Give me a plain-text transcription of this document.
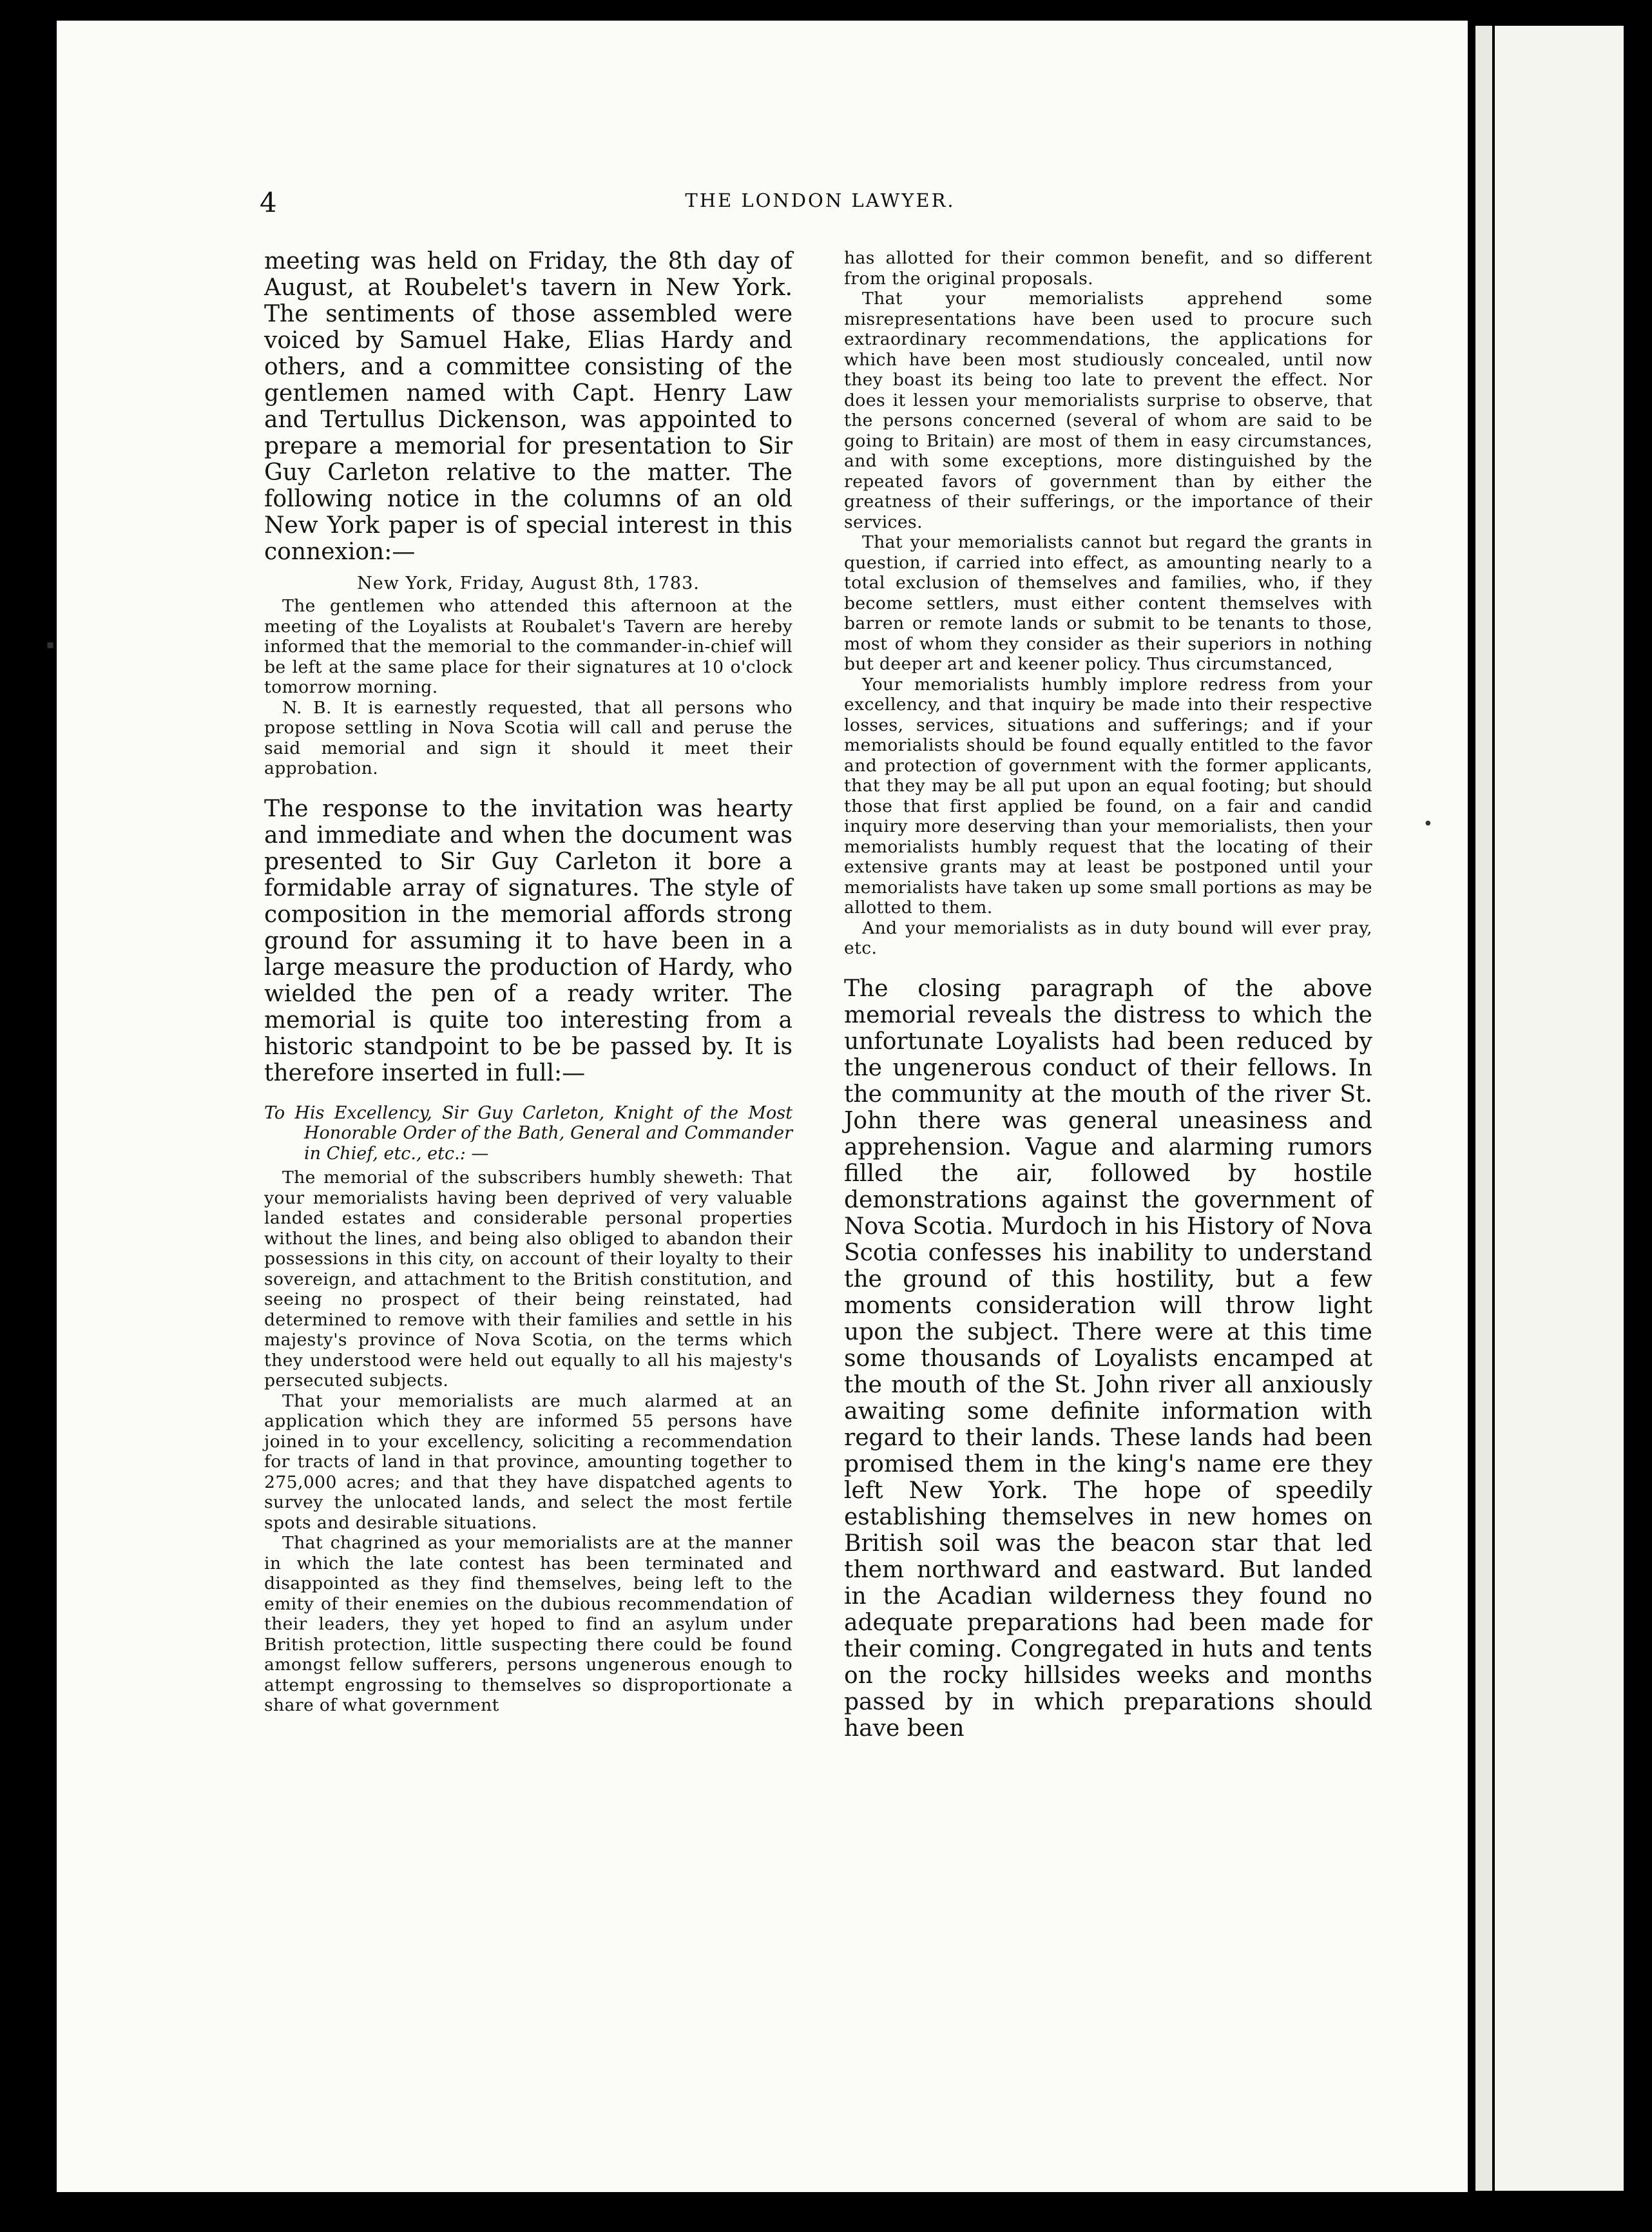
▪
●
4	THE LONDON LAWYER.

meeting was held on Friday, the 8th day of August, at Roubelet's tavern in New York. The sentiments of those assembled were voiced by Samuel Hake, Elias Hardy and others, and a committee consisting of the gentlemen named with Capt. Henry Law and Tertullus Dickenson, was appointed to prepare a memorial for presentation to Sir Guy Carleton relative to the matter. The following notice in the columns of an old New York paper is of special interest in this connexion:—

New York, Friday, August 8th, 1783.

The gentlemen who attended this afternoon at the meeting of the Loyalists at Roubalet's Tavern are hereby informed that the memorial to the commander-in-chief will be left at the same place for their signatures at 10 o'clock tomorrow morning.

N. B. It is earnestly requested, that all persons who propose settling in Nova Scotia will call and peruse the said memorial and sign it should it meet their approbation.

The response to the invitation was hearty and immediate and when the document was presented to Sir Guy Carleton it bore a formidable array of signatures. The style of composition in the memorial affords strong ground for assuming it to have been in a large measure the production of Hardy, who wielded the pen of a ready writer. The memorial is quite too interesting from a historic standpoint to be be passed by. It is therefore inserted in full:—

To His Excellency, Sir Guy Carleton, Knight of the Most Honorable Order of the Bath, General and Commander in Chief, etc., etc.: —

The memorial of the subscribers humbly sheweth: That your memorialists having been deprived of very valuable landed estates and considerable personal properties without the lines, and being also obliged to abandon their possessions in this city, on account of their loyalty to their sovereign, and attachment to the British constitution, and seeing no prospect of their being reinstated, had determined to remove with their families and settle in his majesty's province of Nova Scotia, on the terms which they understood were held out equally to all his majesty's persecuted subjects.

That your memorialists are much alarmed at an application which they are informed 55 persons have joined in to your excellency, soliciting a recommendation for tracts of land in that province, amounting together to 275,000 acres; and that they have dispatched agents to survey the unlocated lands, and select the most fertile spots and desirable situations.

That chagrined as your memorialists are at the manner in which the late contest has been terminated and disappointed as they find themselves, being left to the emity of their enemies on the dubious recommendation of their leaders, they yet hoped to find an asylum under British protection, little suspecting there could be found amongst fellow sufferers, persons ungenerous enough to attempt engrossing to themselves so disproportionate a share of what government

has allotted for their common benefit, and so different from the original proposals.

That your memorialists apprehend some misrepresentations have been used to procure such extraordinary recommendations, the applications for which have been most studiously concealed, until now they boast its being too late to prevent the effect. Nor does it lessen your memorialists surprise to observe, that the persons concerned (several of whom are said to be going to Britain) are most of them in easy circumstances, and with some exceptions, more distinguished by the repeated favors of government than by either the greatness of their sufferings, or the importance of their services.

That your memorialists cannot but regard the grants in question, if carried into effect, as amounting nearly to a total exclusion of themselves and families, who, if they become settlers, must either content themselves with barren or remote lands or submit to be tenants to those, most of whom they consider as their superiors in nothing but deeper art and keener policy. Thus circumstanced,

Your memorialists humbly implore redress from your excellency, and that inquiry be made into their respective losses, services, situations and sufferings; and if your memorialists should be found equally entitled to the favor and protection of government with the former applicants, that they may be all put upon an equal footing; but should those that first applied be found, on a fair and candid inquiry more deserving than your memorialists, then your memorialists humbly request that the locating of their extensive grants may at least be postponed until your memorialists have taken up some small portions as may be allotted to them.

And your memorialists as in duty bound will ever pray, etc.

The closing paragraph of the above memorial reveals the distress to which the unfortunate Loyalists had been reduced by the ungenerous conduct of their fellows. In the community at the mouth of the river St. John there was general uneasiness and apprehension. Vague and alarming rumors filled the air, followed by hostile demonstrations against the government of Nova Scotia. Murdoch in his History of Nova Scotia confesses his inability to understand the ground of this hostility, but a few moments consideration will throw light upon the subject. There were at this time some thousands of Loyalists encamped at the mouth of the St. John river all anxiously awaiting some definite information with regard to their lands. These lands had been promised them in the king's name ere they left New York. The hope of speedily establishing themselves in new homes on British soil was the beacon star that led them northward and eastward. But landed in the Acadian wilderness they found no adequate preparations had been made for their coming. Congregated in huts and tents on the rocky hillsides weeks and months passed by in which preparations should have been
